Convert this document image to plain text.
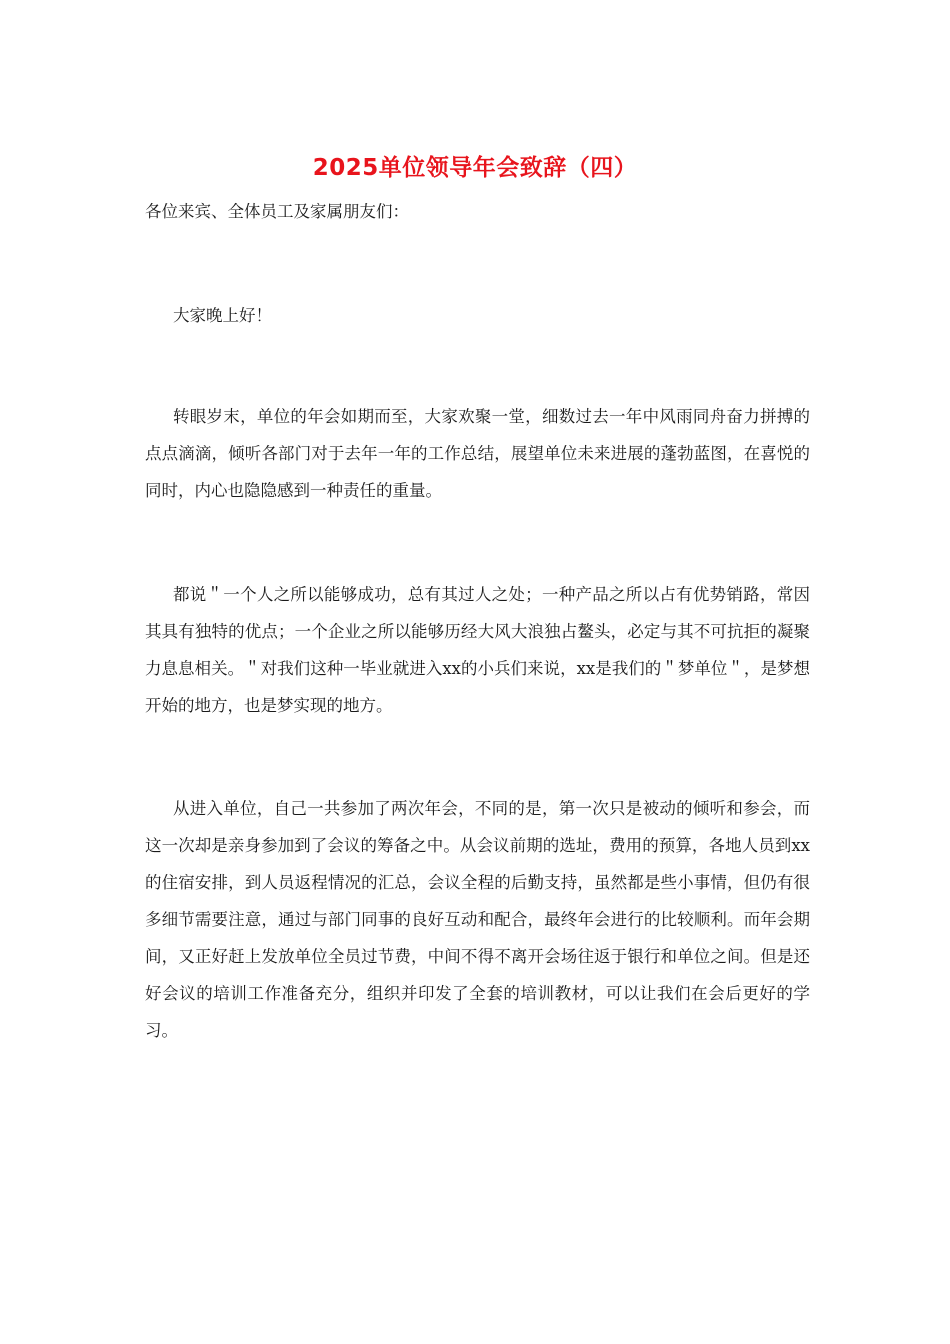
2025单位领导年会致辞（四）

各位来宾、全体员工及家属朋友们：

大家晚上好！

转眼岁末，单位的年会如期而至，大家欢聚一堂，细数过去一年中风雨同舟奋力拼搏的点点滴滴，倾听各部门对于去年一年的工作总结，展望单位未来进展的蓬勃蓝图，在喜悦的同时，内心也隐隐感到一种责任的重量。

都说＂一个人之所以能够成功，总有其过人之处；一种产品之所以占有优势销路，常因其具有独特的优点；一个企业之所以能够历经大风大浪独占鳌头，必定与其不可抗拒的凝聚力息息相关。＂对我们这种一毕业就进入xx的小兵们来说，xx是我们的＂梦单位＂，是梦想开始的地方，也是梦实现的地方。

从进入单位，自己一共参加了两次年会，不同的是，第一次只是被动的倾听和参会，而这一次却是亲身参加到了会议的筹备之中。从会议前期的选址，费用的预算，各地人员到xx的住宿安排，到人员返程情况的汇总，会议全程的后勤支持，虽然都是些小事情，但仍有很多细节需要注意，通过与部门同事的良好互动和配合，最终年会进行的比较顺利。而年会期间，又正好赶上发放单位全员过节费，中间不得不离开会场往返于银行和单位之间。但是还好会议的培训工作准备充分，组织并印发了全套的培训教材，可以让我们在会后更好的学习。
